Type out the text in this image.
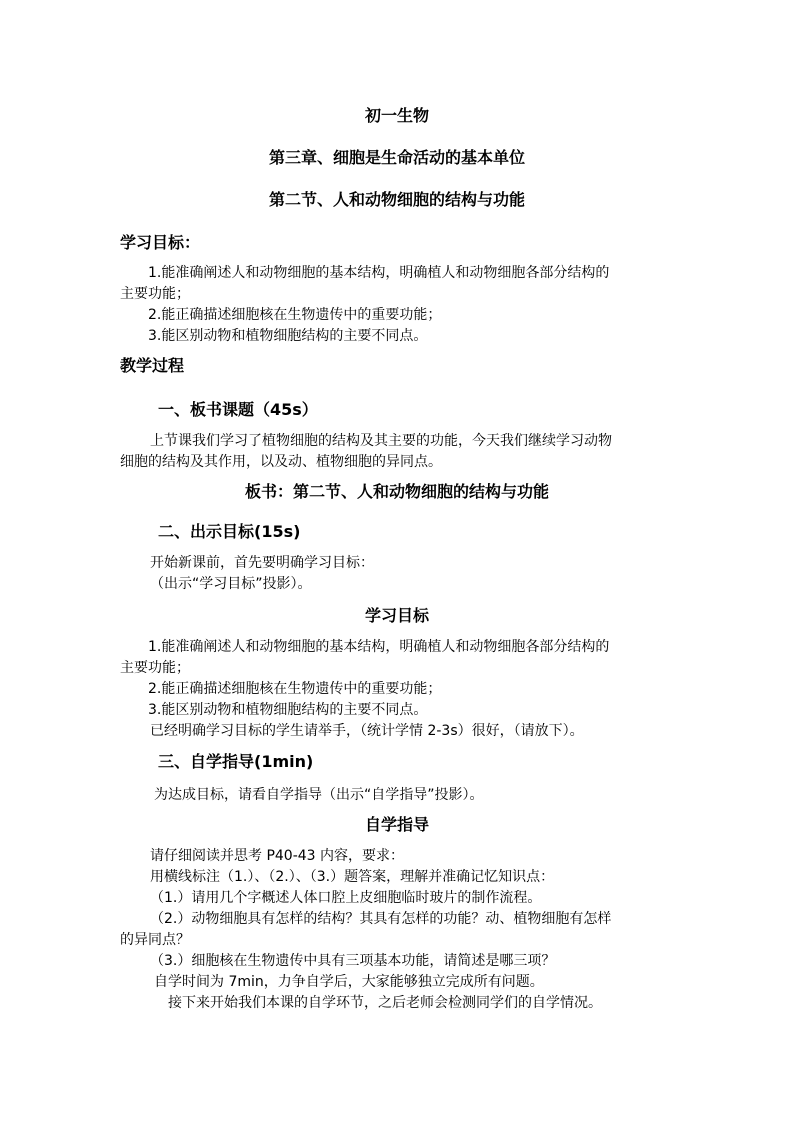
初一生物
第三章、细胞是生命活动的基本单位
第二节、人和动物细胞的结构与功能
学习目标：
1.能准确阐述人和动物细胞的基本结构，明确植人和动物细胞各部分结构的
主要功能；
2.能正确描述细胞核在生物遗传中的重要功能；
3.能区别动物和植物细胞结构的主要不同点。
教学过程
一、板书课题（45s）
上节课我们学习了植物细胞的结构及其主要的功能，今天我们继续学习动物
细胞的结构及其作用，以及动、植物细胞的异同点。
板书：第二节、人和动物细胞的结构与功能
二、出示目标(15s)
开始新课前，首先要明确学习目标：
（出示“学习目标”投影）。
学习目标
1.能准确阐述人和动物细胞的基本结构，明确植人和动物细胞各部分结构的
主要功能；
2.能正确描述细胞核在生物遗传中的重要功能；
3.能区别动物和植物细胞结构的主要不同点。
已经明确学习目标的学生请举手，（统计学情 2-3s）很好，（请放下）。
三、自学指导(1min)
为达成目标，请看自学指导（出示“自学指导”投影）。
自学指导
请仔细阅读并思考 P40-43 内容，要求：
用横线标注（1.）、（2.）、（3.）题答案，理解并准确记忆知识点：
（1.）请用几个字概述人体口腔上皮细胞临时玻片的制作流程。
（2.）动物细胞具有怎样的结构？其具有怎样的功能？动、植物细胞有怎样
的异同点？
（3.）细胞核在生物遗传中具有三项基本功能，请简述是哪三项？
自学时间为 7min，力争自学后，大家能够独立完成所有问题。
接下来开始我们本课的自学环节，之后老师会检测同学们的自学情况。
